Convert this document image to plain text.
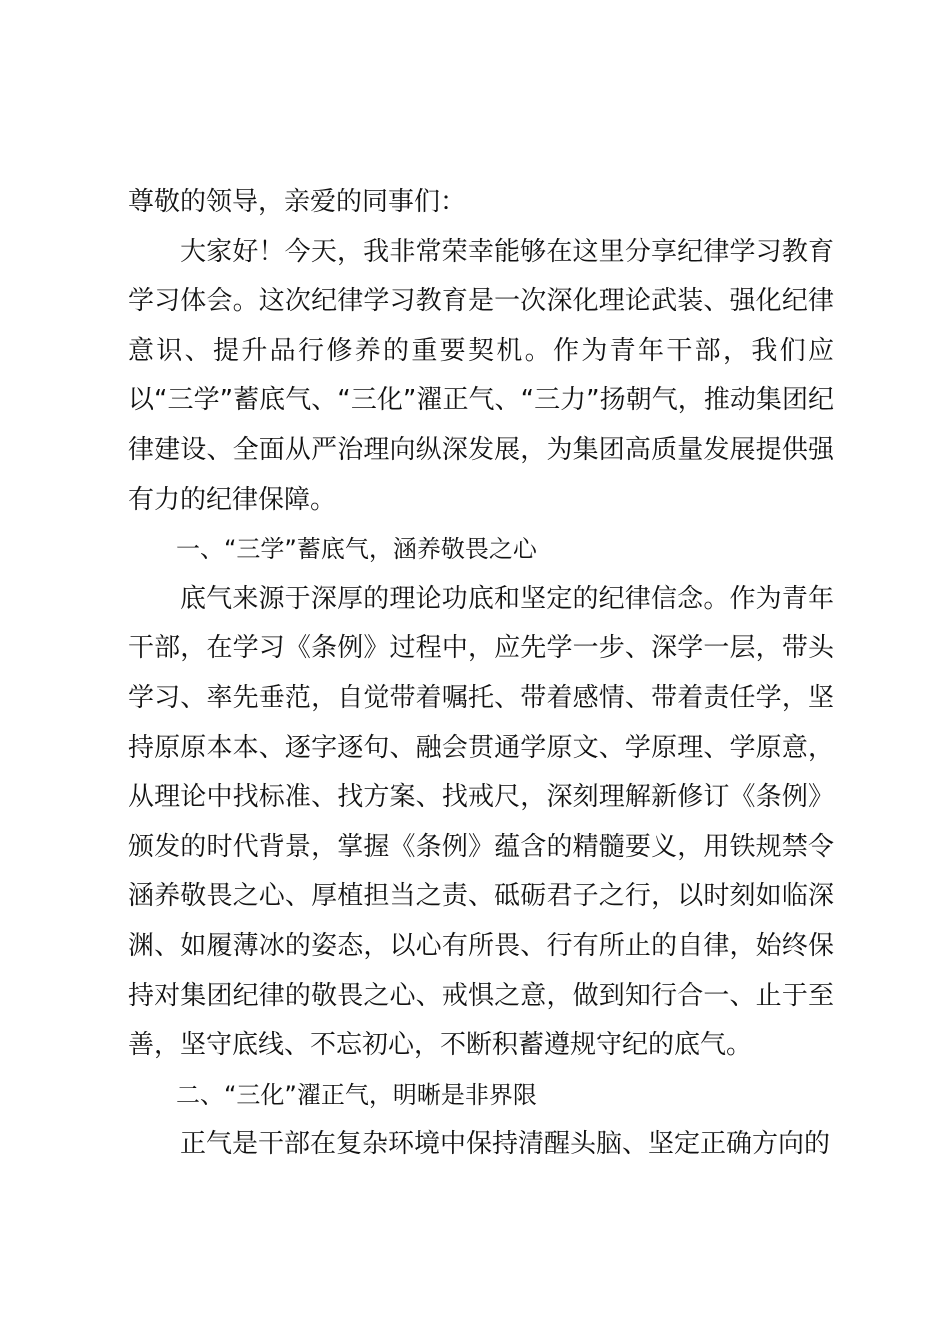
尊敬的领导，亲爱的同事们：

大家好！今天，我非常荣幸能够在这里分享纪律学习教育学习体会。这次纪律学习教育是一次深化理论武装、强化纪律意识、提升品行修养的重要契机。作为青年干部，我们应以“三学”蓄底气、“三化”濯正气、“三力”扬朝气，推动集团纪律建设、全面从严治理向纵深发展，为集团高质量发展提供强有力的纪律保障。

一、“三学”蓄底气，涵养敬畏之心

底气来源于深厚的理论功底和坚定的纪律信念。作为青年干部，在学习《条例》过程中，应先学一步、深学一层，带头学习、率先垂范，自觉带着嘱托、带着感情、带着责任学，坚持原原本本、逐字逐句、融会贯通学原文、学原理、学原意，从理论中找标准、找方案、找戒尺，深刻理解新修订《条例》颁发的时代背景，掌握《条例》蕴含的精髓要义，用铁规禁令涵养敬畏之心、厚植担当之责、砥砺君子之行，以时刻如临深渊、如履薄冰的姿态，以心有所畏、行有所止的自律，始终保持对集团纪律的敬畏之心、戒惧之意，做到知行合一、止于至善，坚守底线、不忘初心，不断积蓄遵规守纪的底气。

二、“三化”濯正气，明晰是非界限

正气是干部在复杂环境中保持清醒头脑、坚定正确方向的
